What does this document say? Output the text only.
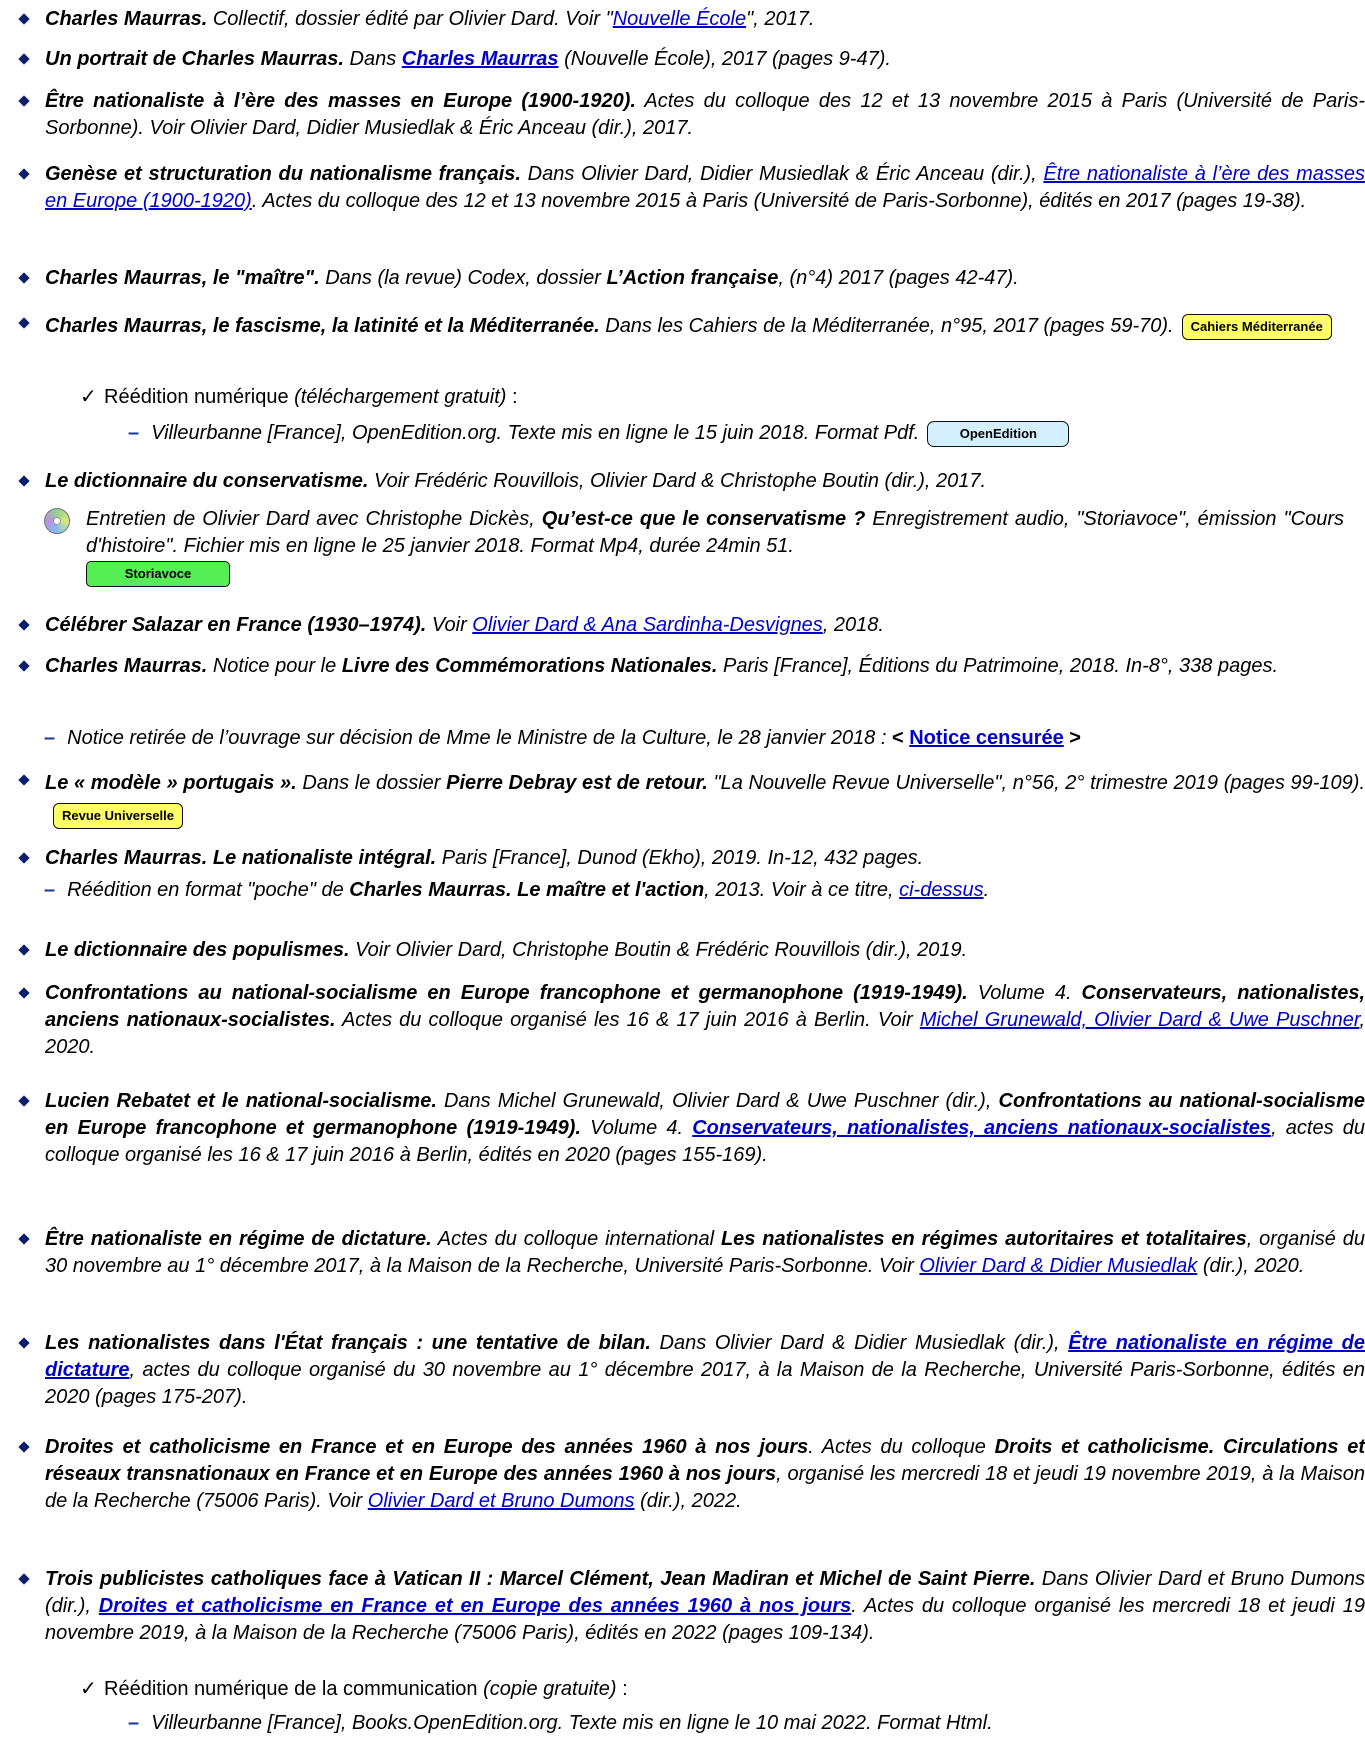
Charles Maurras. Collectif, dossier édité par Olivier Dard. Voir "Nouvelle École", 2017.
Un portrait de Charles Maurras. Dans Charles Maurras (Nouvelle École), 2017 (pages 9-47).
Être nationaliste à l’ère des masses en Europe (1900-1920). Actes du colloque des 12 et 13 novembre 2015 à Paris (Université de Paris-Sorbonne). Voir Olivier Dard, Didier Musiedlak & Éric Anceau (dir.), 2017.
Genèse et structuration du nationalisme français. Dans Olivier Dard, Didier Musiedlak & Éric Anceau (dir.), Être nationaliste à l’ère des masses en Europe (1900-1920). Actes du colloque des 12 et 13 novembre 2015 à Paris (Université de Paris-Sorbonne), édités en 2017 (pages 19-38).
Charles Maurras, le "maître". Dans (la revue) Codex, dossier L’Action française, (n°4) 2017 (pages 42-47).
Charles Maurras, le fascisme, la latinité et la Méditerranée. Dans les Cahiers de la Méditerranée, n°95, 2017 (pages 59-70). Cahiers Méditerranée
✓ Réédition numérique (téléchargement gratuit) :
– Villeurbanne [France], OpenEdition.org. Texte mis en ligne le 15 juin 2018. Format Pdf.	OpenEdition
Le dictionnaire du conservatisme. Voir Frédéric Rouvillois, Olivier Dard & Christophe Boutin (dir.), 2017.
Entretien de Olivier Dard avec Christophe Dickès, Qu’est-ce que le conservatisme ? Enregistrement audio, "Storiavoce", émission "Cours d'histoire". Fichier mis en ligne le 25 janvier 2018. Format Mp4, durée 24min 51.
Storiavoce
Célébrer Salazar en France (1930–1974). Voir Olivier Dard & Ana Sardinha-Desvignes, 2018.
Charles Maurras. Notice pour le Livre des Commémorations Nationales. Paris [France], Éditions du Patrimoine, 2018. In-8°, 338 pages.
– Notice retirée de l’ouvrage sur décision de Mme le Ministre de la Culture, le 28 janvier 2018 : < Notice censurée >
Le « modèle » portugais ». Dans le dossier Pierre Debray est de retour. "La Nouvelle Revue Universelle", n°56, 2° trimestre 2019 (pages 99-109).Revue Universelle
Charles Maurras. Le nationaliste intégral. Paris [France], Dunod (Ekho), 2019. In-12, 432 pages.
– Réédition en format "poche" de Charles Maurras. Le maître et l'action, 2013. Voir à ce titre, ci-dessus.
Le dictionnaire des populismes. Voir Olivier Dard, Christophe Boutin & Frédéric Rouvillois (dir.), 2019.
Confrontations au national-socialisme en Europe francophone et germanophone (1919-1949). Volume 4. Conservateurs, nationalistes, anciens nationaux-socialistes. Actes du colloque organisé les 16 & 17 juin 2016 à Berlin. Voir Michel Grunewald, Olivier Dard & Uwe Puschner, 2020.
Lucien Rebatet et le national-socialisme. Dans Michel Grunewald, Olivier Dard & Uwe Puschner (dir.), Confrontations au national-socialisme en Europe francophone et germanophone (1919-1949). Volume 4. Conservateurs, nationalistes, anciens nationaux-socialistes, actes du colloque organisé les 16 & 17 juin 2016 à Berlin, édités en 2020 (pages 155-169).
Être nationaliste en régime de dictature. Actes du colloque international Les nationalistes en régimes autoritaires et totalitaires, organisé du 30 novembre au 1° décembre 2017, à la Maison de la Recherche, Université Paris-Sorbonne. Voir Olivier Dard & Didier Musiedlak (dir.), 2020.
Les nationalistes dans l'État français : une tentative de bilan. Dans Olivier Dard & Didier Musiedlak (dir.), Être nationaliste en régime de dictature, actes du colloque organisé du 30 novembre au 1° décembre 2017, à la Maison de la Recherche, Université Paris-Sorbonne, édités en 2020 (pages 175-207).
Droites et catholicisme en France et en Europe des années 1960 à nos jours. Actes du colloque Droits et catholicisme. Circulations et réseaux transnationaux en France et en Europe des années 1960 à nos jours, organisé les mercredi 18 et jeudi 19 novembre 2019, à la Maison de la Recherche (75006 Paris). Voir Olivier Dard et Bruno Dumons (dir.), 2022.
Trois publicistes catholiques face à Vatican II : Marcel Clément, Jean Madiran et Michel de Saint Pierre. Dans Olivier Dard et Bruno Dumons (dir.), Droites et catholicisme en France et en Europe des années 1960 à nos jours. Actes du colloque organisé les mercredi 18 et jeudi 19 novembre 2019, à la Maison de la Recherche (75006 Paris), édités en 2022 (pages 109-134).
✓ Réédition numérique de la communication (copie gratuite) :
– Villeurbanne [France], Books.OpenEdition.org. Texte mis en ligne le 10 mai 2022. Format Html.
